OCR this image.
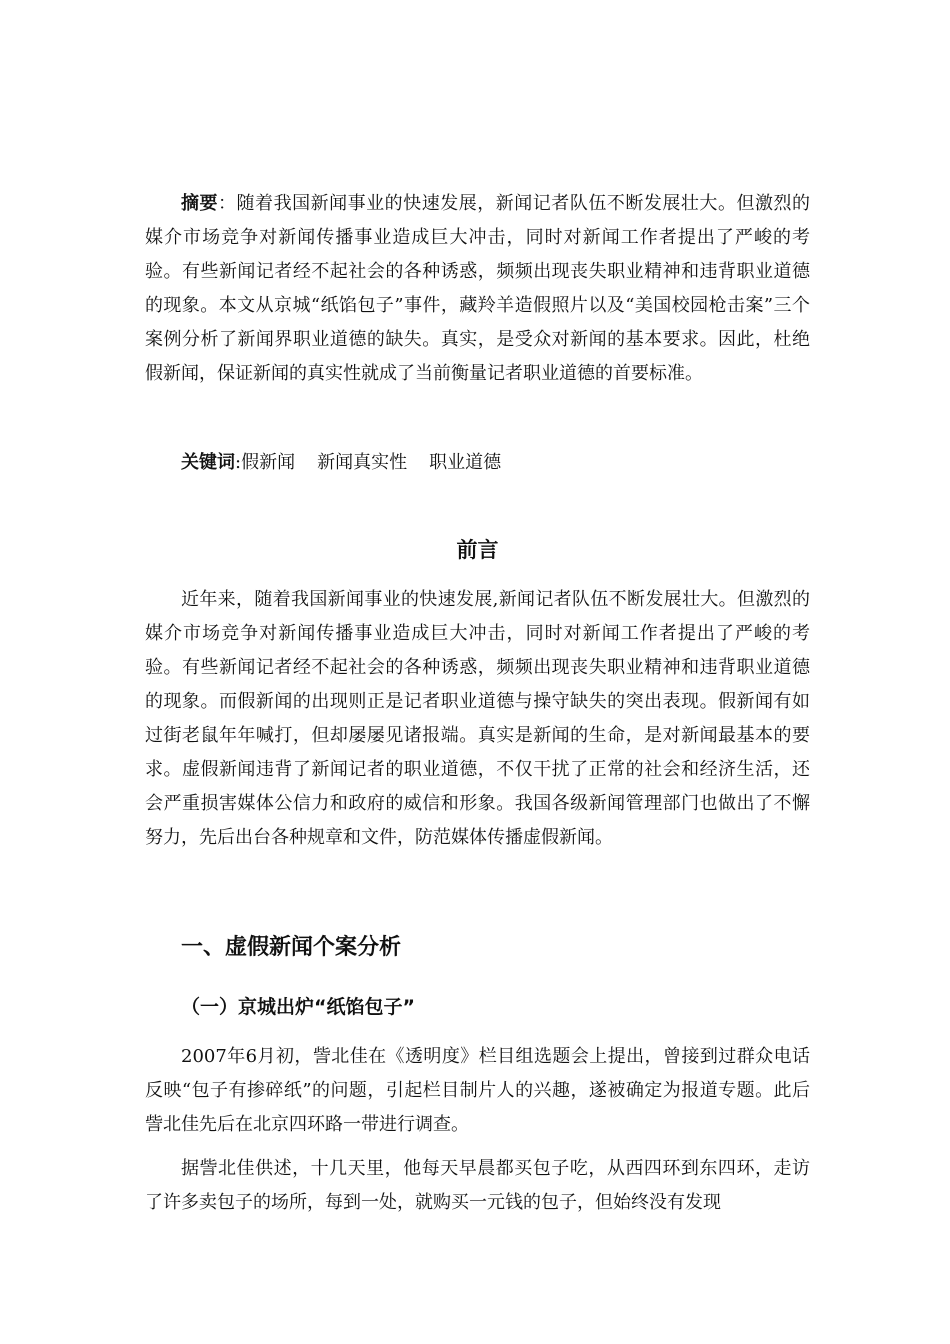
摘要：随着我国新闻事业的快速发展，新闻记者队伍不断发展壮大。但激烈的媒介市场竞争对新闻传播事业造成巨大冲击，同时对新闻工作者提出了严峻的考验。有些新闻记者经不起社会的各种诱惑，频频出现丧失职业精神和违背职业道德的现象。本文从京城“纸馅包子”事件，藏羚羊造假照片以及“美国校园枪击案”三个案例分析了新闻界职业道德的缺失。真实，是受众对新闻的基本要求。因此，杜绝假新闻，保证新闻的真实性就成了当前衡量记者职业道德的首要标准。

关键词:假新闻 新闻真实性 职业道德

前言

近年来，随着我国新闻事业的快速发展,新闻记者队伍不断发展壮大。但激烈的媒介市场竞争对新闻传播事业造成巨大冲击，同时对新闻工作者提出了严峻的考验。有些新闻记者经不起社会的各种诱惑，频频出现丧失职业精神和违背职业道德的现象。而假新闻的出现则正是记者职业道德与操守缺失的突出表现。假新闻有如过街老鼠年年喊打，但却屡屡见诸报端。真实是新闻的生命，是对新闻最基本的要求。虚假新闻违背了新闻记者的职业道德，不仅干扰了正常的社会和经济生活，还会严重损害媒体公信力和政府的威信和形象。我国各级新闻管理部门也做出了不懈努力，先后出台各种规章和文件，防范媒体传播虚假新闻。

一、虚假新闻个案分析
（一）京城出炉“纸馅包子”

2007年6月初，訾北佳在《透明度》栏目组选题会上提出，曾接到过群众电话反映“包子有掺碎纸”的问题，引起栏目制片人的兴趣，遂被确定为报道专题。此后訾北佳先后在北京四环路一带进行调查。

据訾北佳供述，十几天里，他每天早晨都买包子吃，从西四环到东四环，走访了许多卖包子的场所，每到一处，就购买一元钱的包子，但始终没有发现
